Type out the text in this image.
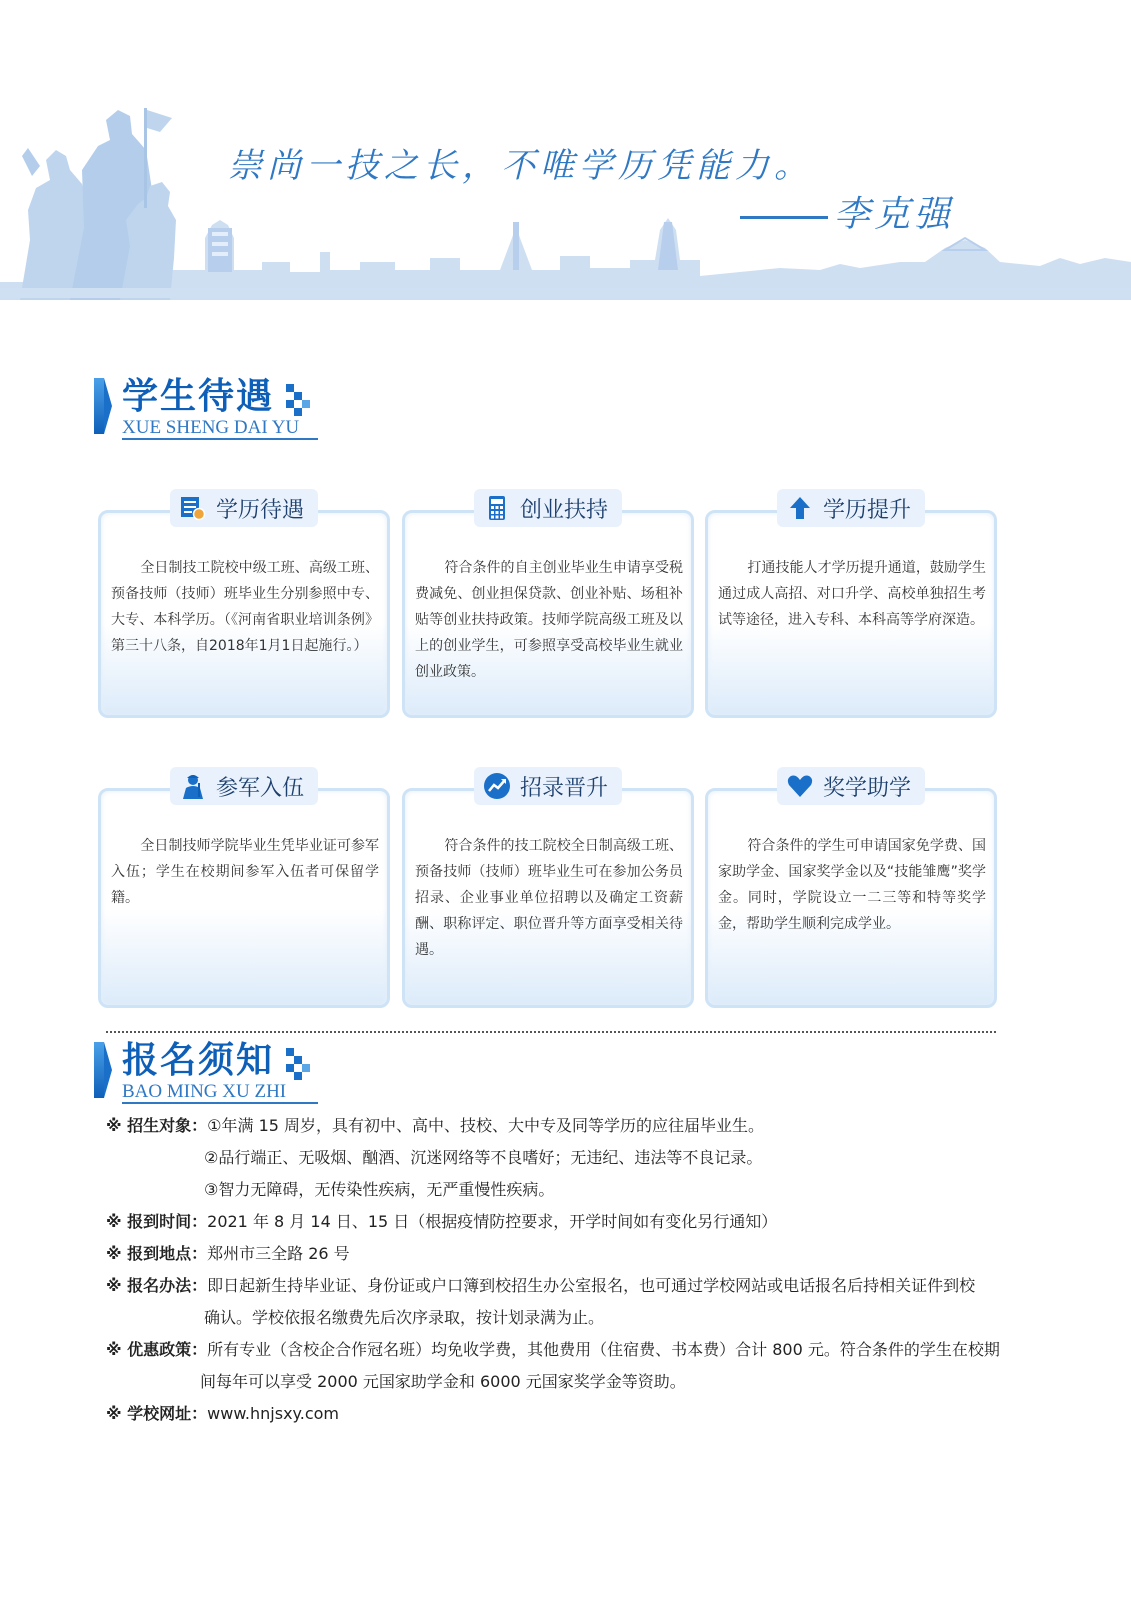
崇尚一技之长，不唯学历凭能力。
李克强
学生待遇
XUE SHENG DAI YU
学历待遇
全日制技工院校中级工班、高级工班、预备技师（技师）班毕业生分别参照中专、大专、本科学历。（《河南省职业培训条例》第三十八条，自2018年1月1日起施行。）
创业扶持
符合条件的自主创业毕业生申请享受税费减免、创业担保贷款、创业补贴、场租补贴等创业扶持政策。技师学院高级工班及以上的创业学生，可参照享受高校毕业生就业创业政策。
学历提升
打通技能人才学历提升通道，鼓励学生通过成人高招、对口升学、高校单独招生考试等途径，进入专科、本科高等学府深造。
参军入伍
全日制技师学院毕业生凭毕业证可参军入伍；学生在校期间参军入伍者可保留学籍。
招录晋升
符合条件的技工院校全日制高级工班、预备技师（技师）班毕业生可在参加公务员招录、企业事业单位招聘以及确定工资薪酬、职称评定、职位晋升等方面享受相关待遇。
奖学助学
符合条件的学生可申请国家免学费、国家助学金、国家奖学金以及“技能雏鹰”奖学金。同时，学院设立一二三等和特等奖学金，帮助学生顺利完成学业。
报名须知
BAO MING XU ZHI
※ 招生对象：①年满 15 周岁，具有初中、高中、技校、大中专及同等学历的应往届毕业生。
②品行端正、无吸烟、酗酒、沉迷网络等不良嗜好；无违纪、违法等不良记录。
③智力无障碍，无传染性疾病，无严重慢性疾病。
※ 报到时间：2021 年 8 月 14 日、15 日（根据疫情防控要求，开学时间如有变化另行通知）
※ 报到地点：郑州市三全路 26 号
※ 报名办法：即日起新生持毕业证、身份证或户口簿到校招生办公室报名，也可通过学校网站或电话报名后持相关证件到校
确认。学校依报名缴费先后次序录取，按计划录满为止。
※ 优惠政策：所有专业（含校企合作冠名班）均免收学费，其他费用（住宿费、书本费）合计 800 元。符合条件的学生在校期
间每年可以享受 2000 元国家助学金和 6000 元国家奖学金等资助。
※ 学校网址：www.hnjsxy.com
